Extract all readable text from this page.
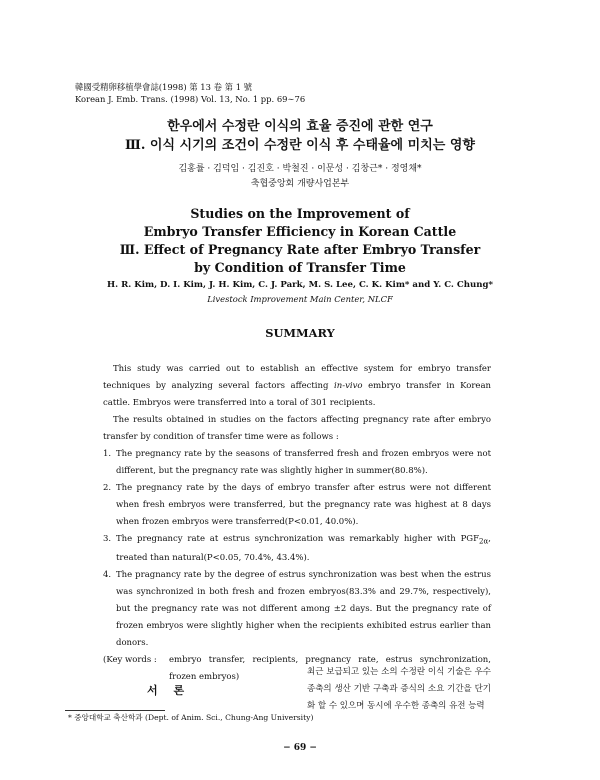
韓國受精卵移植學會誌(1998) 第 13 卷 第 1 號
Korean J. Emb. Trans. (1998) Vol. 13, No. 1 pp. 69∼76
한우에서 수정란 이식의 효율 증진에 관한 연구
Ⅲ. 이식 시기의 조건이 수정란 이식 후 수태율에 미치는 영향
김홍률 · 김덕임 · 김진호 · 박철진 · 이문성 · 김창근* · 정영채*
축협중앙회 개량사업본부
Studies on the Improvement of
Embryo Transfer Efficiency in Korean Cattle
Ⅲ. Effect of Pregnancy Rate after Embryo Transfer
by Condition of Transfer Time
H. R. Kim, D. I. Kim, J. H. Kim, C. J. Park, M. S. Lee, C. K. Kim* and Y. C. Chung*
Livestock Improvement Main Center, NLCF
SUMMARY

This study was carried out to establish an effective system for embryo transfer techniques by analyzing several factors affecting in-vivo embryo transfer in Korean cattle. Embryos were transferred into a toral of 301 recipients.

The results obtained in studies on the factors affecting pregnancy rate after embryo transfer by condition of transfer time were as follows :

1. The pregnancy rate by the seasons of transferred fresh and frozen embryos were not different, but the pregnancy rate was slightly higher in summer(80.8%).
2. The pregnancy rate by the days of embryo transfer after estrus were not different when fresh embryos were transferred, but the pregnancy rate was highest at 8 days when frozen embryos were transferred(P<0.01, 40.0%).
3. The pregnancy rate at estrus synchronization was remarkably higher with $PGF_{2\alpha}$, treated than natural(P<0.05, 70.4%, 43.4%).
4. The pragnancy rate by the degree of estrus synchronization was best when the estrus was synchronized in both fresh and frozen embryos(83.3% and 29.7%, respectively), but the pregnancy rate was not different among ±2 days. But the pregnancy rate of frozen embryos were slightly higher when the recipients exhibited estrus earlier than donors.

(Key words : embryo transfer, recipients, pregnancy rate, estrus synchronization, frozen embryos)

서 론

최근 보급되고 있는 소의 수정란 이식 기술은 우수 종축의 생산 기반 구축과 증식의 소요 기간을 단기화 할 수 있으며 동시에 우수한 종축의 유전 능력

* 중앙대학교 축산학과 (Dept. of Anim. Sci., Chung-Ang University)
− 69 −
